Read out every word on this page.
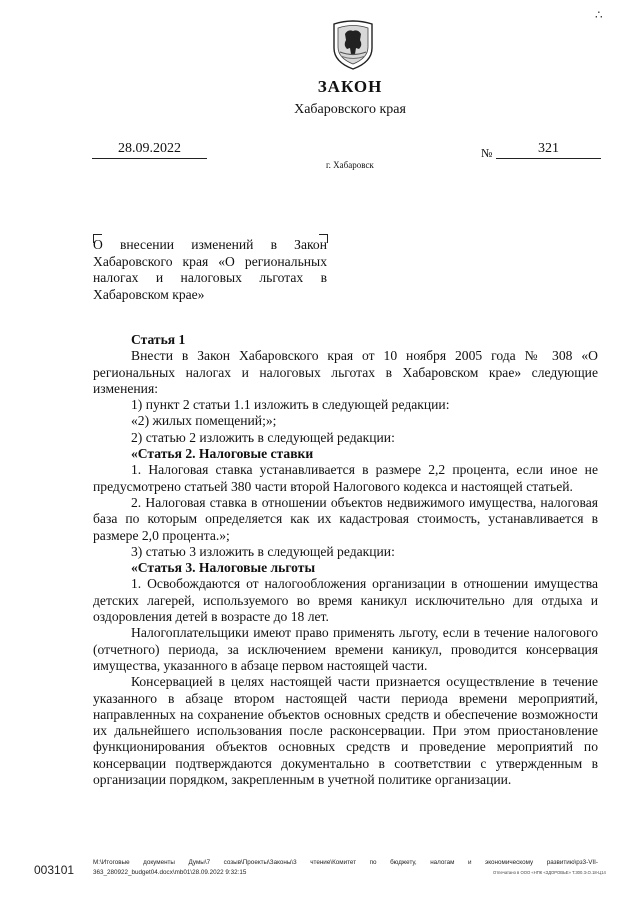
∴
ЗАКОН
Хабаровского края
28.09.2022	№	321
г. Хабаровск
О внесении изменений в Закон Хабаровского края «О региональных налогах и налоговых льготах в Хабаровском крае»

Статья 1

Внести в Закон Хабаровского края от 10 ноября 2005 года № 308 «О региональных налогах и налоговых льготах в Хабаровском крае» следующие изменения:

1) пункт 2 статьи 1.1 изложить в следующей редакции:

«2) жилых помещений;»;

2) статью 2 изложить в следующей редакции:

«Статья 2. Налоговые ставки

1. Налоговая ставка устанавливается в размере 2,2 процента, если иное не предусмотрено статьей 380 части второй Налогового кодекса и настоящей статьей.

2. Налоговая ставка в отношении объектов недвижимого имущества, налоговая база по которым определяется как их кадастровая стоимость, устанавливается в размере 2,0 процента.»;

3) статью 3 изложить в следующей редакции:

«Статья 3. Налоговые льготы

1. Освобождаются от налогообложения организации в отношении имущества детских лагерей, используемого во время каникул исключительно для отдыха и оздоровления детей в возрасте до 18 лет.

Налогоплательщики имеют право применять льготу, если в течение налогового (отчетного) периода, за исключением времени каникул, проводится консервация имущества, указанного в абзаце первом настоящей части.

Консервацией в целях настоящей части признается осуществление в течение указанного в абзаце втором настоящей части периода времени мероприятий, направленных на сохранение объектов основных средств и обеспечение возможности их дальнейшего использования после расконсервации. При этом приостановление функционирования объектов основных средств и проведение мероприятий по консервации подтверждаются документально в соответствии с утвержденным в организации порядком, закрепленным в учетной политике организации.

003101
M:\Итоговые документы Думы\7 созыв\Проекты\Законы\3 чтение\Комитет по бюджету, налогам и экономическому развитию\рз3-VII-363_280922_budget04.docx\mb01\28.09.2022 9:32:15	Отпечатано в ООО «НПК «ЗДОРОВЬЕ» Т.300.Э.О.18-Ц14
